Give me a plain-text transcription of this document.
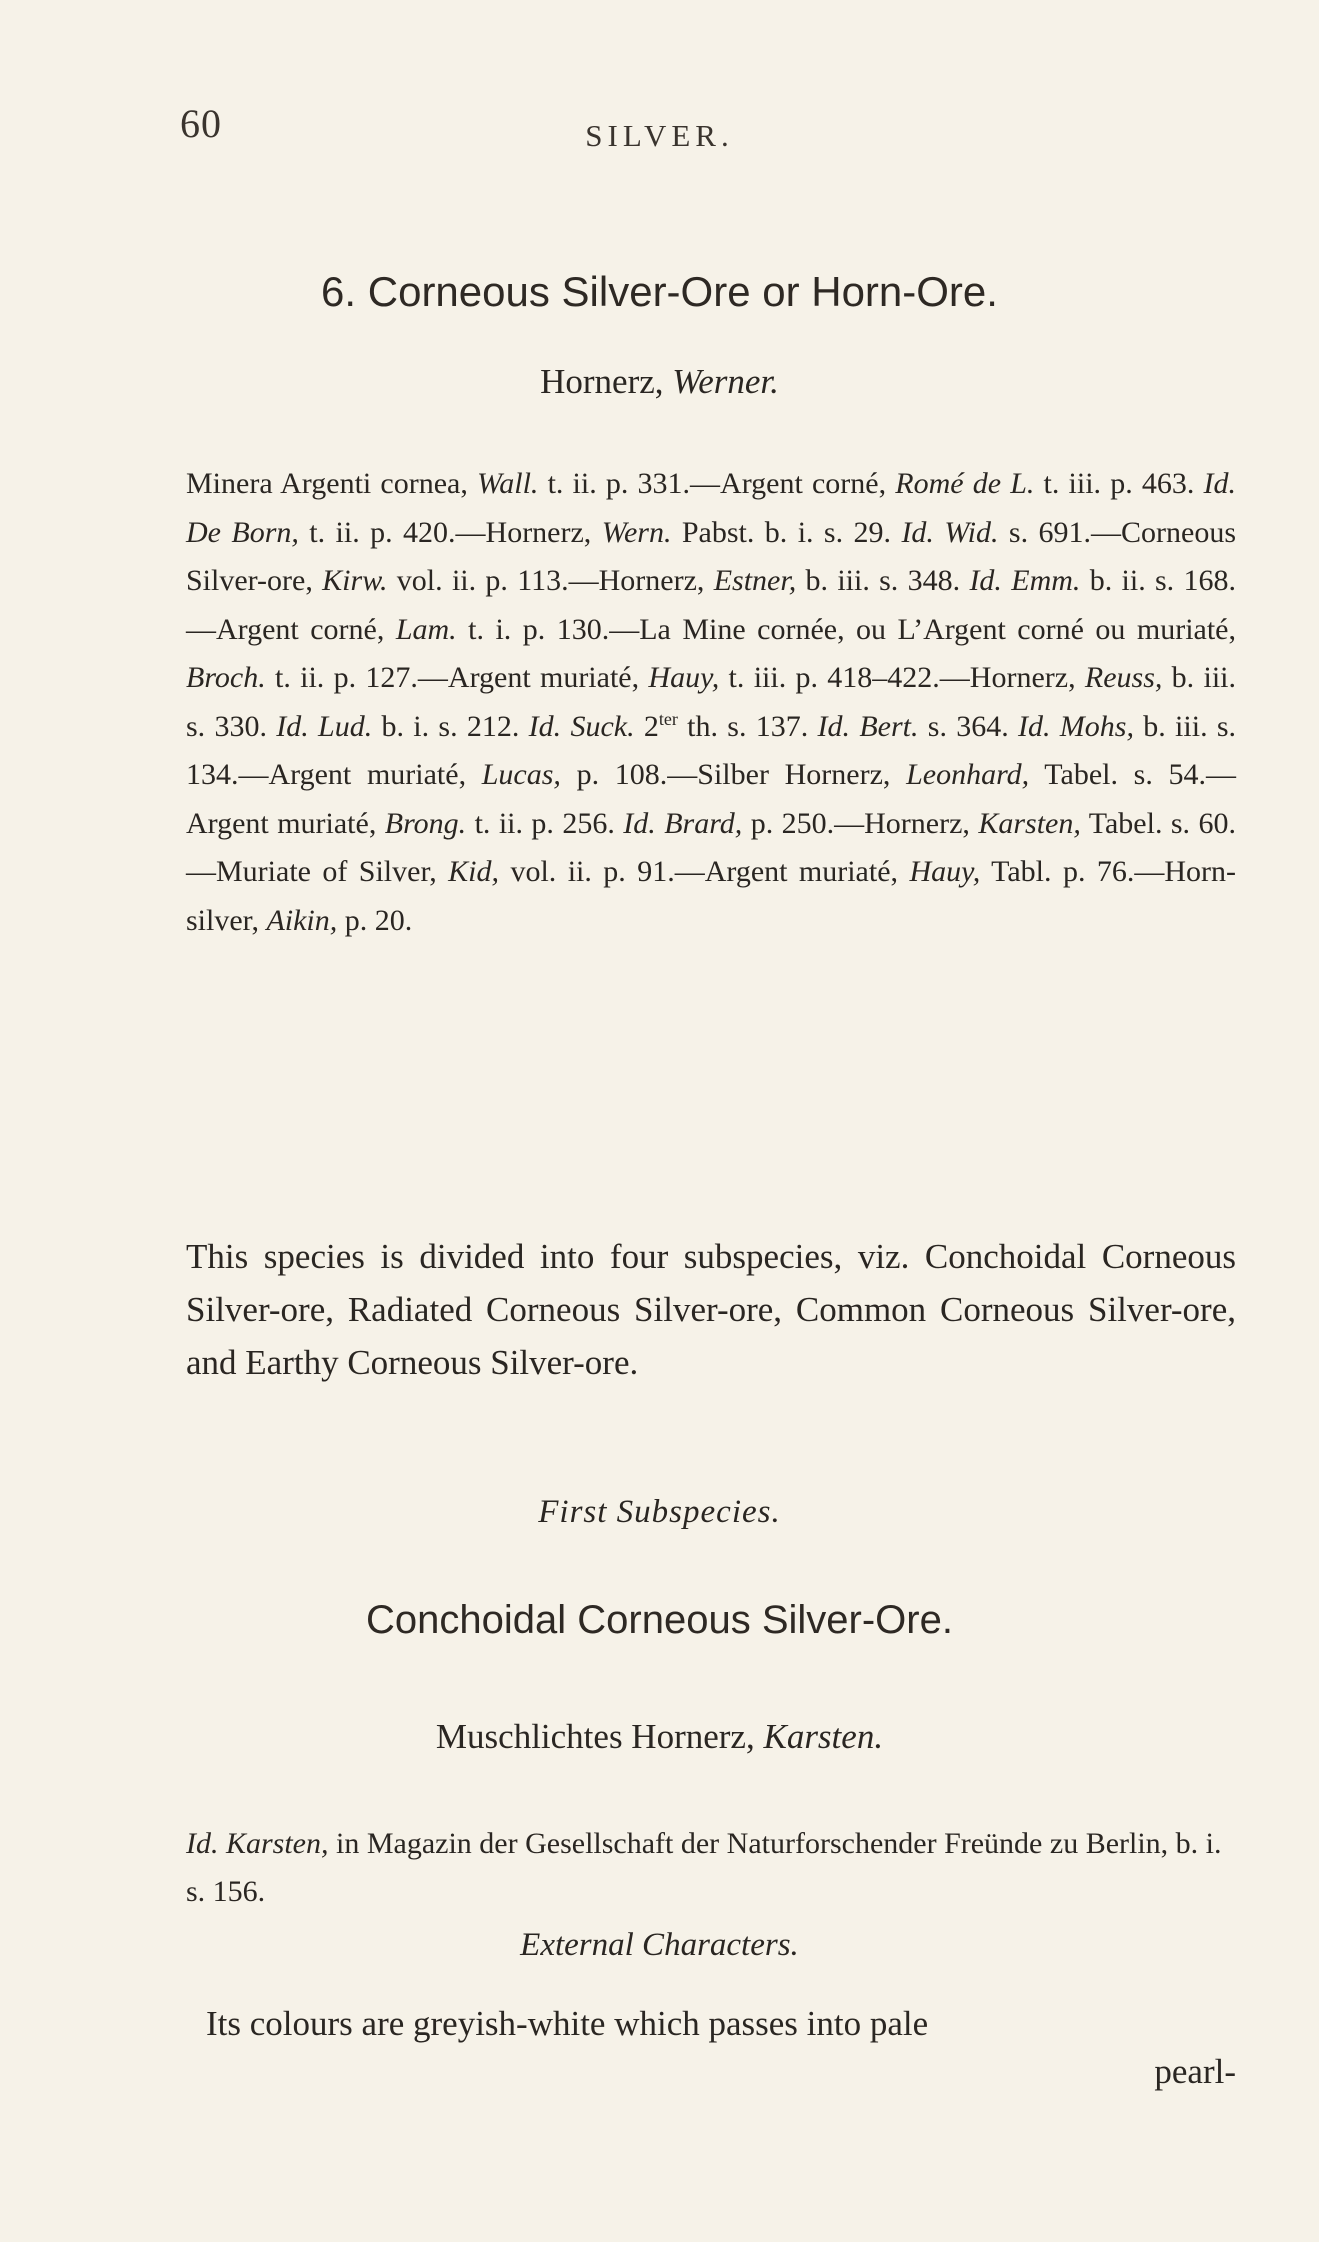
60	SILVER.
6. Corneous Silver-Ore or Horn-Ore.
Hornerz, Werner.
Minera Argenti cornea, Wall. t. ii. p. 331.—Argent corné, Romé de L. t. iii. p. 463. Id. De Born, t. ii. p. 420.—Hornerz, Wern. Pabst. b. i. s. 29. Id. Wid. s. 691.—Corneous Silver-ore, Kirw. vol. ii. p. 113.—Hornerz, Estner, b. iii. s. 348. Id. Emm. b. ii. s. 168.—Argent corné, Lam. t. i. p. 130.—La Mine cornée, ou L’Argent corné ou muriaté, Broch. t. ii. p. 127.—Argent muriaté, Hauy, t. iii. p. 418–422.—Hornerz, Reuss, b. iii. s. 330. Id. Lud. b. i. s. 212. Id. Suck. $2^{ter}$ th. s. 137. Id. Bert. s. 364. Id. Mohs, b. iii. s. 134.—Argent muriaté, Lucas, p. 108.—Silber Hornerz, Leonhard, Tabel. s. 54.—Argent muriaté, Brong. t. ii. p. 256. Id. Brard, p. 250.—Hornerz, Karsten, Tabel. s. 60.—Muriate of Silver, Kid, vol. ii. p. 91.—Argent muriaté, Hauy, Tabl. p. 76.—Horn-silver, Aikin, p. 20.
This species is divided into four subspecies, viz. Conchoidal Corneous Silver-ore, Radiated Corneous Silver-ore, Common Corneous Silver-ore, and Earthy Corneous Silver-ore.
First Subspecies.
Conchoidal Corneous Silver-Ore.
Muschlichtes Hornerz, Karsten.
Id. Karsten, in Magazin der Gesellschaft der Naturforschender Freünde zu Berlin, b. i. s. 156.
External Characters.
Its colours are greyish-white which passes into pale
pearl-
